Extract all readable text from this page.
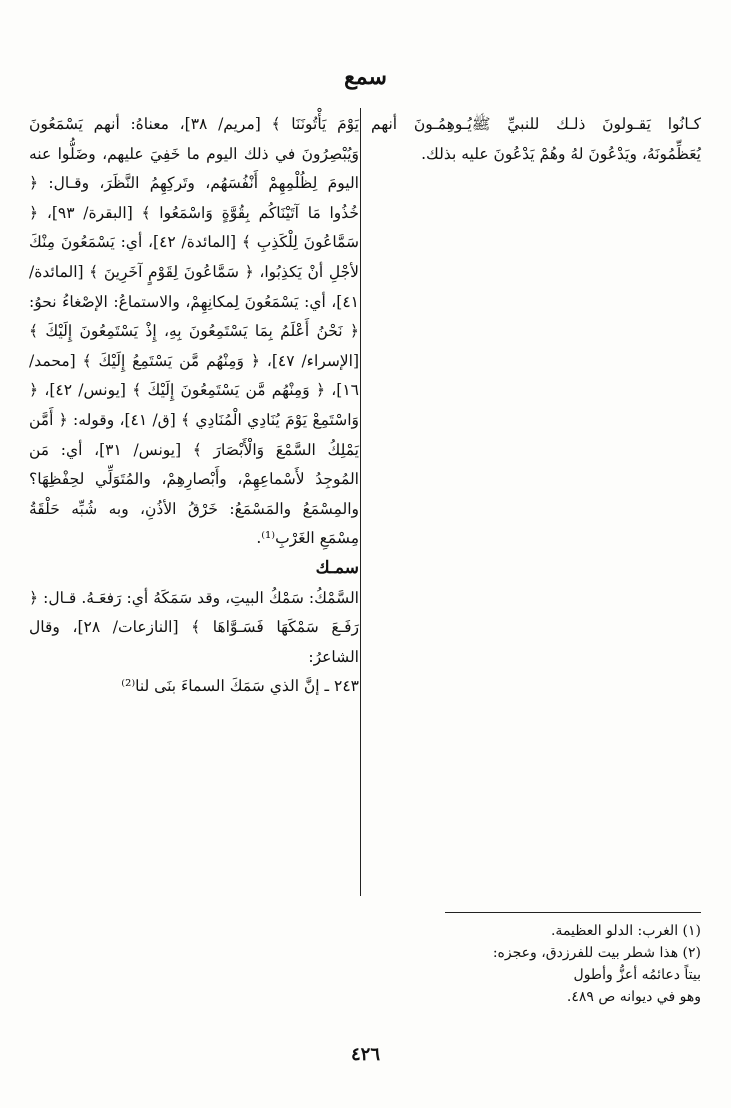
سمع

كـانُوا يَقـولونَ ذلـك للنبيِّ ﷺيُـوهِمُـونَ أنهم يُعَظِّمُونَهُ، ويَدْعُونَ لهُ وهُمْ يَدْعُونَ عليه بذلك.

يَوْمَ يَأْتُونَنَا ﴾ [مريم/ ٣٨]، معناهُ: أنهم يَسْمَعُونَ وَيُبْصِرُونَ في ذلك اليوم ما خَفِيَ عليهم، وضَلُّوا عنه اليومَ لِظُلْمِهِمْ أَنْفُسَهُم، وتَركِهِمُ النَّظَرَ، وقـال: ﴿ خُذُوا مَا آتَيْنَاكُم بِقُوَّةٍ وَاسْمَعُوا ﴾ [البقرة/ ٩٣]، ﴿ سَمَّاعُونَ لِلْكَذِبِ ﴾ [المائدة/ ٤٢]، أي: يَسْمَعُونَ مِنْكَ لأجْلِ أنْ يَكذِبُوا، ﴿ سَمَّاعُونَ لِقَوْمٍ آخَرِينَ ﴾ [المائدة/ ٤١]، أي: يَسْمَعُونَ لِمكانِهِمْ، والاستماعُ: الإصْغاءُ نحوُ: ﴿ نَحْنُ أَعْلَمُ بِمَا يَسْتَمِعُونَ بِهِ، إِذْ يَسْتَمِعُونَ إِلَيْكَ ﴾ [الإسراء/ ٤٧]، ﴿ وَمِنْهُم مَّن يَسْتَمِعُ إِلَيْكَ ﴾ [محمد/ ١٦]، ﴿ وَمِنْهُم مَّن يَسْتَمِعُونَ إِلَيْكَ ﴾ [يونس/ ٤٢]، ﴿ وَاسْتَمِعْ يَوْمَ يُنَادِي الْمُنَادِي ﴾ [ق/ ٤١]، وقوله: ﴿ أَمَّن يَمْلِكُ السَّمْعَ وَالْأَبْصَارَ ﴾ [يونس/ ٣١]، أي: مَن المُوجِدُ لأَسْماعِهِمْ، وأَبْصارِهِمْ، والمُتَوَلِّي لحِفْظِهَا؟ والمِسْمَعُ والمَسْمَعُ: خَرْقُ الأذُنِ، وبه شُبِّه حَلْقَةُ مِسْمَعِ الغَرْبِ⁽¹⁾.

سمـك

السَّمْكُ: سَمْكُ البيتِ، وقد سَمَكَهُ أي: رَفعَـهُ. قـال: ﴿ رَفَـعَ سَمْكَهَا فَسَـوَّاهَا ﴾ [النازعات/ ٢٨]، وقال الشاعرُ:

٢٤٣ ـ إنَّ الذي سَمَكَ السماءَ بنَى لنا⁽²⁾

(١) الغرب: الدلو العظيمة.

(٢) هذا شطر بيت للفرزدق، وعجزه:

بيتاً دعائمُه أعزُّ وأطول

وهو في ديوانه ص ٤٨٩.

٤٢٦
